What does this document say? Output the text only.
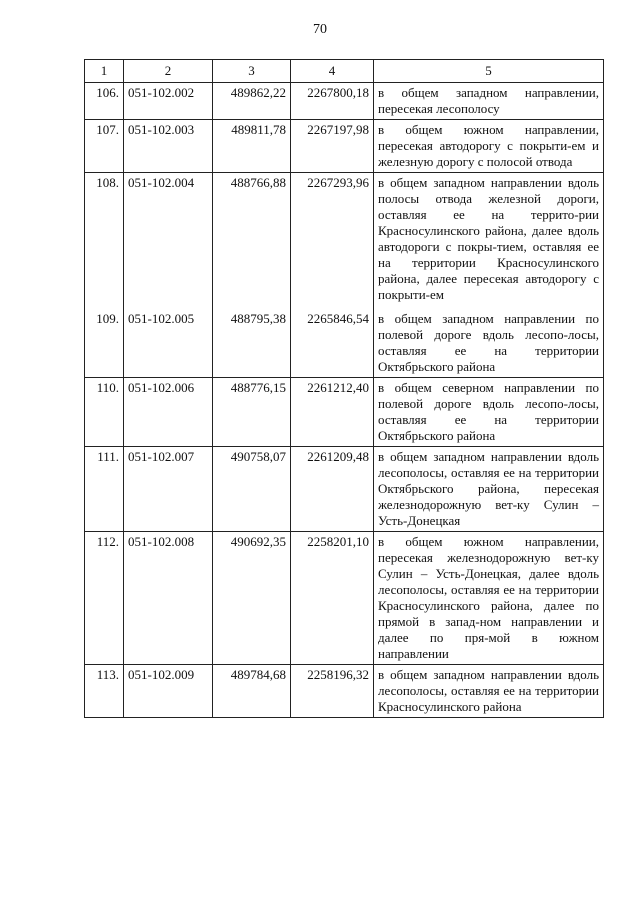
70
1	2	3	4	5
106.	051-102.002	489862,22	2267800,18	в общем западном направлении, пересекая лесополосу
107.	051-102.003	489811,78	2267197,98	в общем южном направлении, пересекая автодорогу с покрыти-ем и железную дорогу с полосой отвода
108.	051-102.004	488766,88	2267293,96	в общем западном направлении вдоль полосы отвода железной дороги, оставляя ее на террито-рии Красносулинского района, далее вдоль автодороги с покры-тием, оставляя ее на территории Красносулинского района, далее пересекая автодорогу с покрыти-ем
109.	051-102.005	488795,38	2265846,54	в общем западном направлении по полевой дороге вдоль лесопо-лосы, оставляя ее на территории Октябрьского района
110.	051-102.006	488776,15	2261212,40	в общем северном направлении по полевой дороге вдоль лесопо-лосы, оставляя ее на территории Октябрьского района
111.	051-102.007	490758,07	2261209,48	в общем западном направлении вдоль лесополосы, оставляя ее на территории Октябрьского района, пересекая железнодорожную вет-ку Сулин – Усть-Донецкая
112.	051-102.008	490692,35	2258201,10	в общем южном направлении, пересекая железнодорожную вет-ку Сулин – Усть-Донецкая, далее вдоль лесополосы, оставляя ее на территории Красносулинского района, далее по прямой в запад-ном направлении и далее по пря-мой в южном направлении
113.	051-102.009	489784,68	2258196,32	в общем западном направлении вдоль лесополосы, оставляя ее на территории Красносулинского района
